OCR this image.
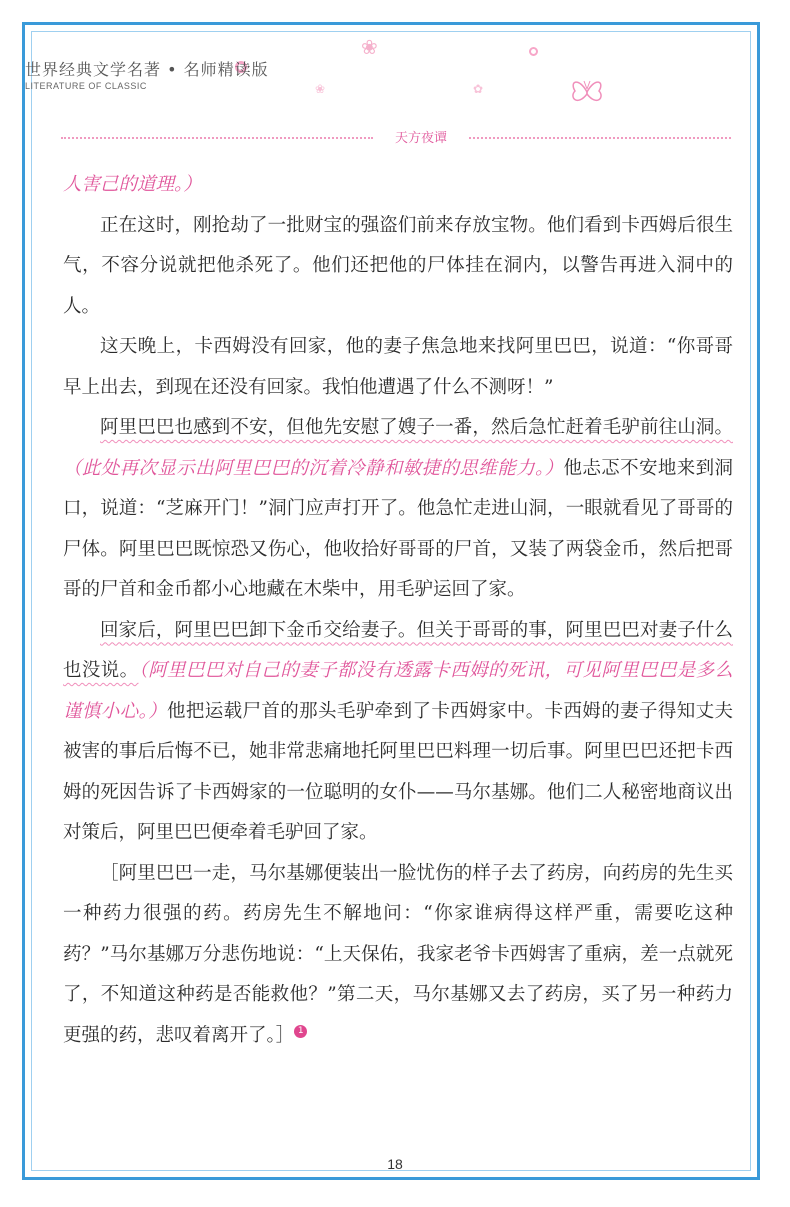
❀
❀	✿
世界经典文学名著 • 名师精读版
LITERATURE OF CLASSIC
天方夜谭

人害己的道理。）

正在这时，刚抢劫了一批财宝的强盗们前来存放宝物。他们看到卡西姆后很生气，不容分说就把他杀死了。他们还把他的尸体挂在洞内，以警告再进入洞中的人。

这天晚上，卡西姆没有回家，他的妻子焦急地来找阿里巴巴，说道：“你哥哥早上出去，到现在还没有回家。我怕他遭遇了什么不测呀！”

阿里巴巴也感到不安，但他先安慰了嫂子一番，然后急忙赶着毛驴前往山洞。（此处再次显示出阿里巴巴的沉着冷静和敏捷的思维能力。）他忐忑不安地来到洞口，说道：“芝麻开门！”洞门应声打开了。他急忙走进山洞，一眼就看见了哥哥的尸体。阿里巴巴既惊恐又伤心，他收拾好哥哥的尸首，又装了两袋金币，然后把哥哥的尸首和金币都小心地藏在木柴中，用毛驴运回了家。

回家后，阿里巴巴卸下金币交给妻子。但关于哥哥的事，阿里巴巴对妻子什么也没说。（阿里巴巴对自己的妻子都没有透露卡西姆的死讯，可见阿里巴巴是多么谨慎小心。）他把运载尸首的那头毛驴牵到了卡西姆家中。卡西姆的妻子得知丈夫被害的事后后悔不已，她非常悲痛地托阿里巴巴料理一切后事。阿里巴巴还把卡西姆的死因告诉了卡西姆家的一位聪明的女仆——马尔基娜。他们二人秘密地商议出对策后，阿里巴巴便牵着毛驴回了家。

［阿里巴巴一走，马尔基娜便装出一脸忧伤的样子去了药房，向药房的先生买一种药力很强的药。药房先生不解地问：“你家谁病得这样严重，需要吃这种药？”马尔基娜万分悲伤地说：“上天保佑，我家老爷卡西姆害了重病，差一点就死了，不知道这种药是否能救他？”第二天，马尔基娜又去了药房，买了另一种药力更强的药，悲叹着离开了。］ 1

18
